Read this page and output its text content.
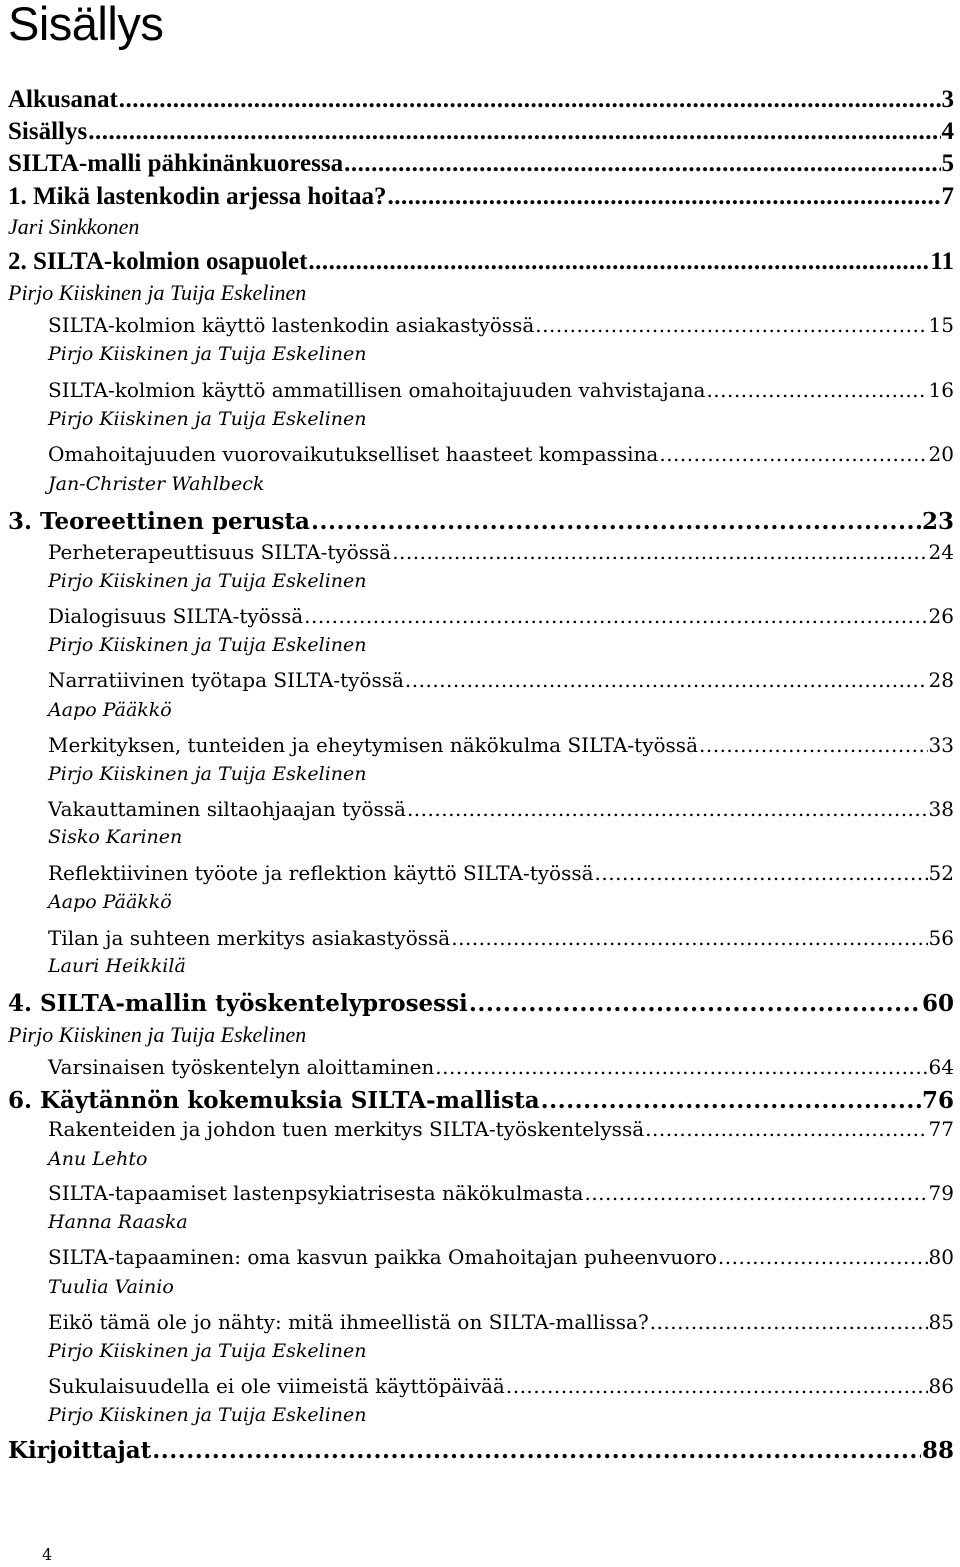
Sisällys
Alkusanat .....	3
Sisällys .....	4
SILTA-malli pähkinänkuoressa .....	5
1. Mikä lastenkodin arjessa hoitaa? .....	7
Jari Sinkkonen
2. SILTA-kolmion osapuolet .....	11
Pirjo Kiiskinen ja Tuija Eskelinen
SILTA-kolmion käyttö lastenkodin asiakastyössä .....	15
Pirjo Kiiskinen ja Tuija Eskelinen
SILTA-kolmion käyttö ammatillisen omahoitajuuden vahvistajana .....	16
Pirjo Kiiskinen ja Tuija Eskelinen
Omahoitajuuden vuorovaikutukselliset haasteet kompassina .....	20
Jan-Christer Wahlbeck
3. Teoreettinen perusta .....	23
Perheterapeuttisuus SILTA-työssä .....	24
Pirjo Kiiskinen ja Tuija Eskelinen
Dialogisuus SILTA-työssä .....	26
Pirjo Kiiskinen ja Tuija Eskelinen
Narratiivinen työtapa SILTA-työssä .....	28
Aapo Pääkkö
Merkityksen, tunteiden ja eheytymisen näkökulma SILTA-työssä .....	33
Pirjo Kiiskinen ja Tuija Eskelinen
Vakauttaminen siltaohjaajan työssä .....	38
Sisko Karinen
Reflektiivinen työote ja reflektion käyttö SILTA-työssä .....	52
Aapo Pääkkö
Tilan ja suhteen merkitys asiakastyössä .....	56
Lauri Heikkilä
4. SILTA-mallin työskentelyprosessi .....	60
Pirjo Kiiskinen ja Tuija Eskelinen
Varsinaisen työskentelyn aloittaminen .....	64
6. Käytännön kokemuksia SILTA-mallista .....	76
Rakenteiden ja johdon tuen merkitys SILTA-työskentelyssä .....	77
Anu Lehto
SILTA-tapaamiset lastenpsykiatrisesta näkökulmasta .....	79
Hanna Raaska
SILTA-tapaaminen: oma kasvun paikka Omahoitajan puheenvuoro .....	80
Tuulia Vainio
Eikö tämä ole jo nähty: mitä ihmeellistä on SILTA-mallissa? .....	85
Pirjo Kiiskinen ja Tuija Eskelinen
Sukulaisuudella ei ole viimeistä käyttöpäivää .....	86
Pirjo Kiiskinen ja Tuija Eskelinen
Kirjoittajat .....	88
4
